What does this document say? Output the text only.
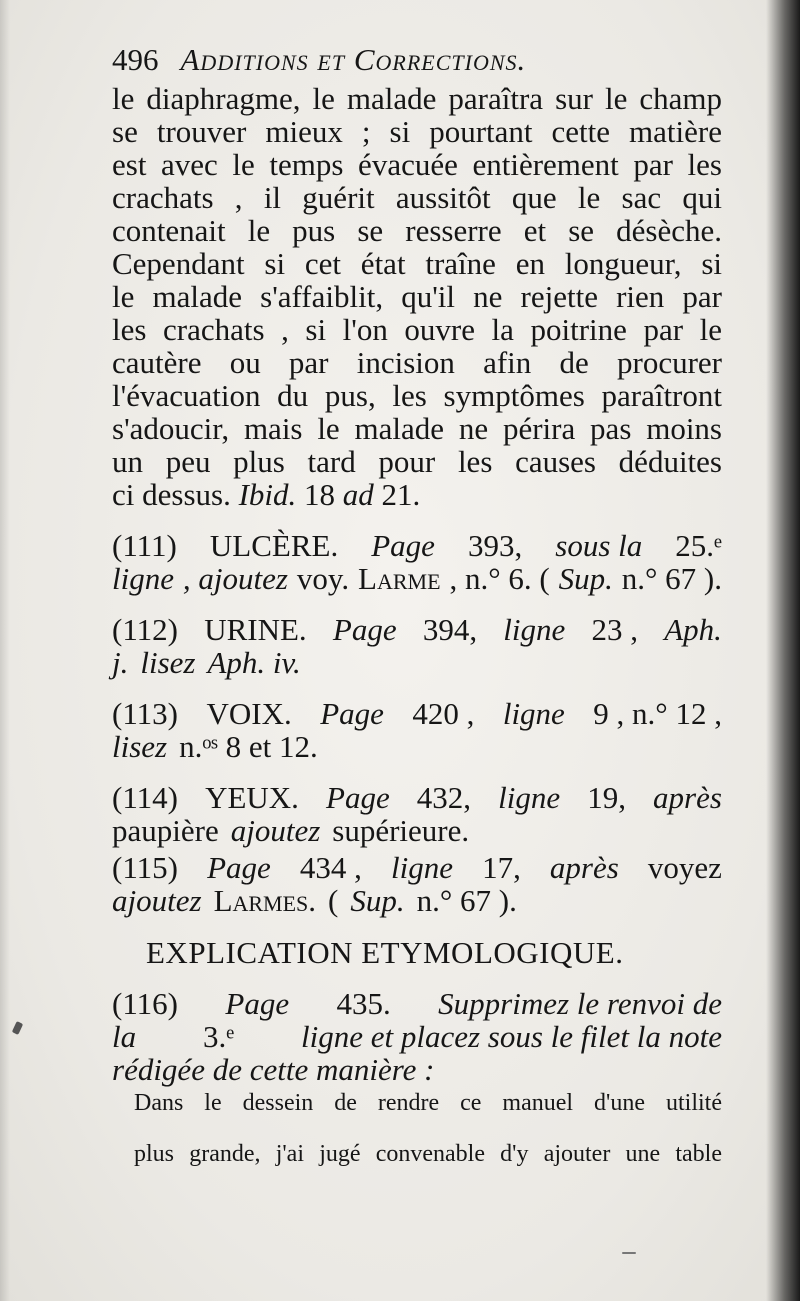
496 Additions et Corrections.

le diaphragme, le malade paraîtra sur le champ

se trouver mieux ; si pourtant cette matière

est avec le temps évacuée entièrement par les

crachats , il guérit aussitôt que le sac qui

contenait le pus se resserre et se désèche.

Cependant si cet état traîne en longueur, si

le malade s'affaiblit, qu'il ne rejette rien par

les crachats , si l'on ouvre la poitrine par le

cautère ou par incision afin de procurer

l'évacuation du pus, les symptômes paraîtront

s'adoucir, mais le malade ne périra pas moins

un peu plus tard pour les causes déduites

ci dessus. Ibid. 18 ad 21.

(111) ULCÈRE. Page 393, sous la 25.ᵉ
ligne , ajoutez voy. Larme , n.° 6. ( Sup. n.° 67 ).
(112) URINE. Page 394, ligne 23 , Aph.
j. lisez Aph. iv.
(113) VOIX. Page 420 , ligne 9 , n.° 12 ,
lisez n.ᵒˢ 8 et 12.
(114) YEUX. Page 432, ligne 19, après
paupière ajoutez supérieure.
(115) Page 434 , ligne 17, après voyez
ajoutez Larmes. ( Sup. n.° 67 ).
EXPLICATION ETYMOLOGIQUE.
(116) Page 435. Supprimez le renvoi de
la 3.ᵉ ligne et placez sous le filet la note
rédigée de cette manière :

Dans le dessein de rendre ce manuel d'une utilité

plus grande, j'ai jugé convenable d'y ajouter une table
